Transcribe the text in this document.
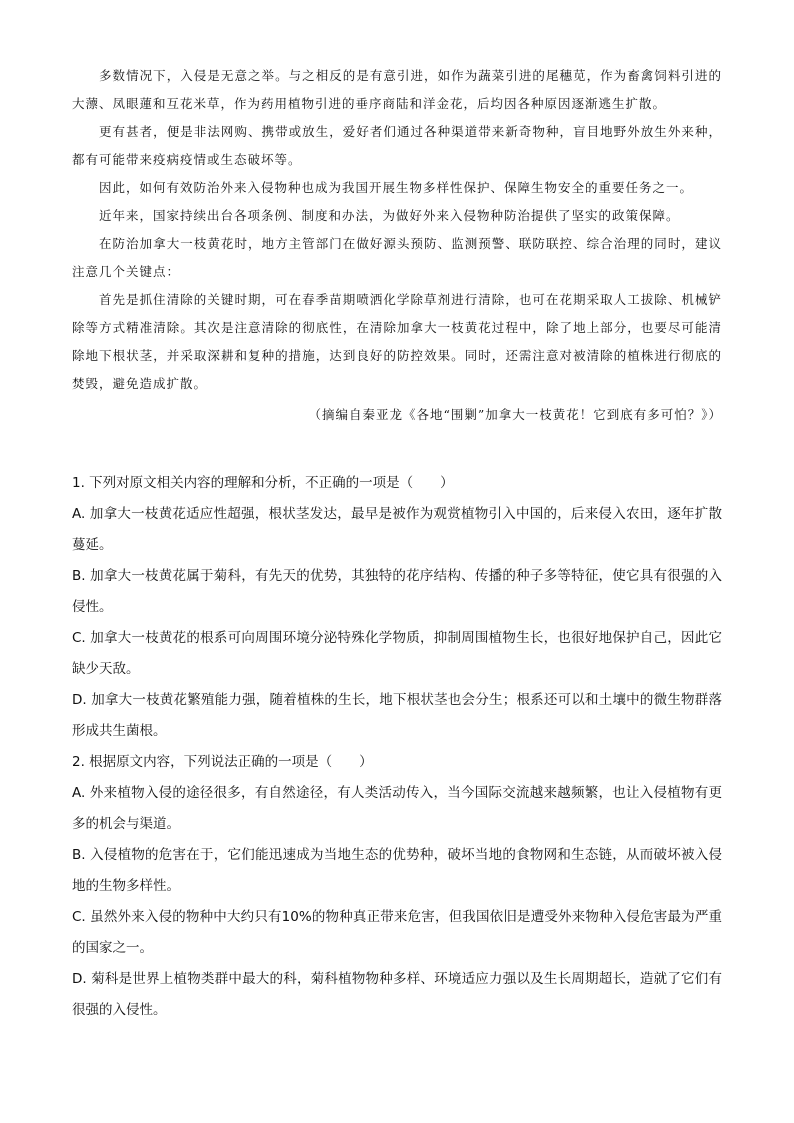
多数情况下，入侵是无意之举。与之相反的是有意引进，如作为蔬菜引进的尾穗苋，作为畜禽饲料引进的大薸、凤眼蓮和互花米草，作为药用植物引进的垂序商陆和洋金花，后均因各种原因逐渐逃生扩散。

更有甚者，便是非法网购、携带或放生，爱好者们通过各种渠道带来新奇物种，盲目地野外放生外来种，都有可能带来疫病疫情或生态破坏等。

因此，如何有效防治外来入侵物种也成为我国开展生物多样性保护、保障生物安全的重要任务之一。

近年来，国家持续出台各项条例、制度和办法，为做好外来入侵物种防治提供了坚实的政策保障。

在防治加拿大一枝黄花时，地方主管部门在做好源头预防、监测预警、联防联控、综合治理的同时，建议注意几个关键点：

首先是抓住清除的关键时期，可在春季苗期喷洒化学除草剂进行清除，也可在花期采取人工拔除、机械铲除等方式精准清除。其次是注意清除的彻底性，在清除加拿大一枝黄花过程中，除了地上部分，也要尽可能清除地下根状茎，并采取深耕和复种的措施，达到良好的防控效果。同时，还需注意对被清除的植株进行彻底的焚毁，避免造成扩散。

（摘编自秦亚龙《各地“围剿”加拿大一枝黄花！它到底有多可怕？》）

1. 下列对原文相关内容的理解和分析，不正确的一项是（　　）

A. 加拿大一枝黄花适应性超强，根状茎发达，最早是被作为观赏植物引入中国的，后来侵入农田，逐年扩散蔓延。

B. 加拿大一枝黄花属于菊科，有先天的优势，其独特的花序结构、传播的种子多等特征，使它具有很强的入侵性。

C. 加拿大一枝黄花的根系可向周围环境分泌特殊化学物质，抑制周围植物生长，也很好地保护自己，因此它缺少天敌。

D. 加拿大一枝黄花繁殖能力强，随着植株的生长，地下根状茎也会分生；根系还可以和土壤中的微生物群落形成共生菌根。

2. 根据原文内容，下列说法正确的一项是（　　）

A. 外来植物入侵的途径很多，有自然途径，有人类活动传入，当今国际交流越来越频繁，也让入侵植物有更多的机会与渠道。

B. 入侵植物的危害在于，它们能迅速成为当地生态的优势种，破坏当地的食物网和生态链，从而破坏被入侵地的生物多样性。

C. 虽然外来入侵的物种中大约只有10%的物种真正带来危害，但我国依旧是遭受外来物种入侵危害最为严重的国家之一。

D. 菊科是世界上植物类群中最大的科，菊科植物物种多样、环境适应力强以及生长周期超长，造就了它们有很强的入侵性。
